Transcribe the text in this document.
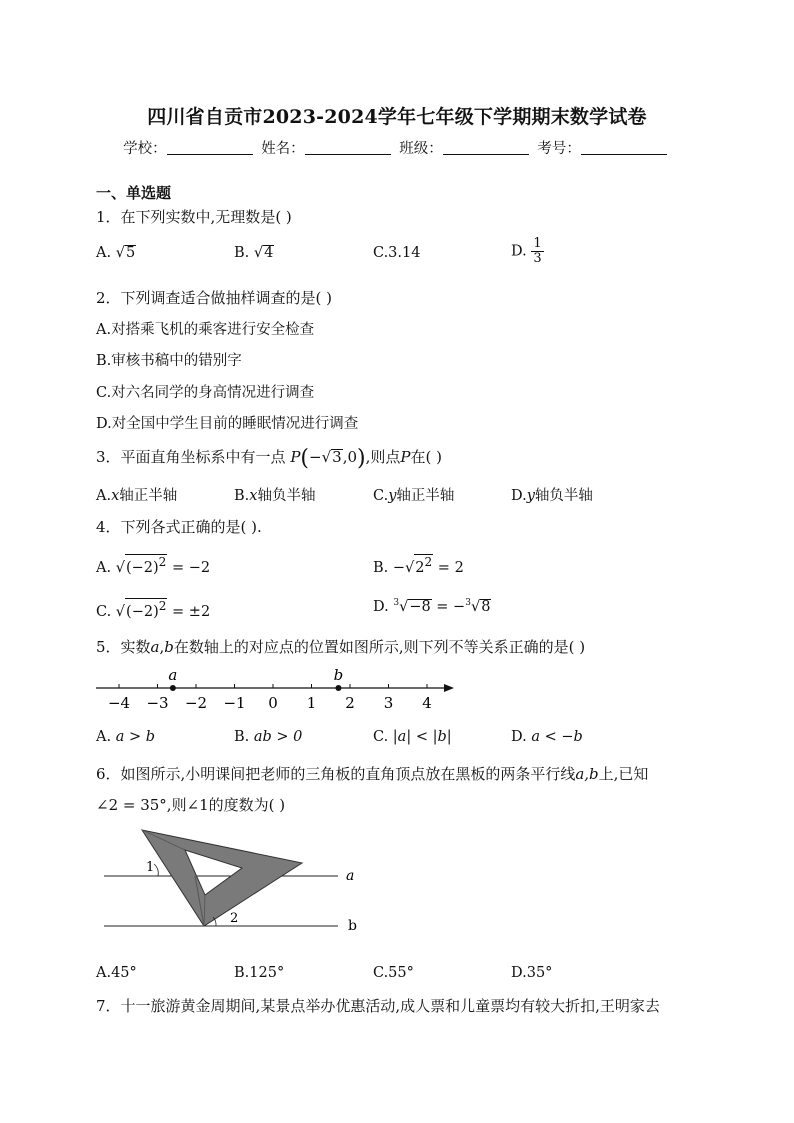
四川省自贡市2023-2024学年七年级下学期期末数学试卷
学校：	姓名：	班级：	考号：
一、单选题
1．在下列实数中,无理数是( )
A. √5	B. √4	C.3.14	D. $\frac{1}{3}$
2．下列调查适合做抽样调查的是( )
A.对搭乘飞机的乘客进行安全检查
B.审核书稿中的错别字
C.对六名同学的身高情况进行调查
D.对全国中学生目前的睡眠情况进行调查
3．平面直角坐标系中有一点 P(−√3,0),则点P在( )
A.x轴正半轴	B.x轴负半轴	C.y轴正半轴	D.y轴负半轴
4．下列各式正确的是( ).
A. $√(-2)^2 = -2$	B. $-√2^2 = 2$
C. $√(-2)^2 = \pm 2$	D. $^3$√−8 = −$^3$√8
5．实数a,b在数轴上的对应点的位置如图所示,则下列不等关系正确的是( )
−4 −3 −2 −1 0 1 2 3 4
a	b
A. a > b	B. ab > 0	C. |a| < |b|	D. a < −b
6．如图所示,小明课间把老师的三角板的直角顶点放在黑板的两条平行线a,b上,已知
∠2 = 35°,则∠1的度数为( )
1
2
a
b
A.45°	B.125°	C.55°	D.35°
7．十一旅游黄金周期间,某景点举办优惠活动,成人票和儿童票均有较大折扣,王明家去
